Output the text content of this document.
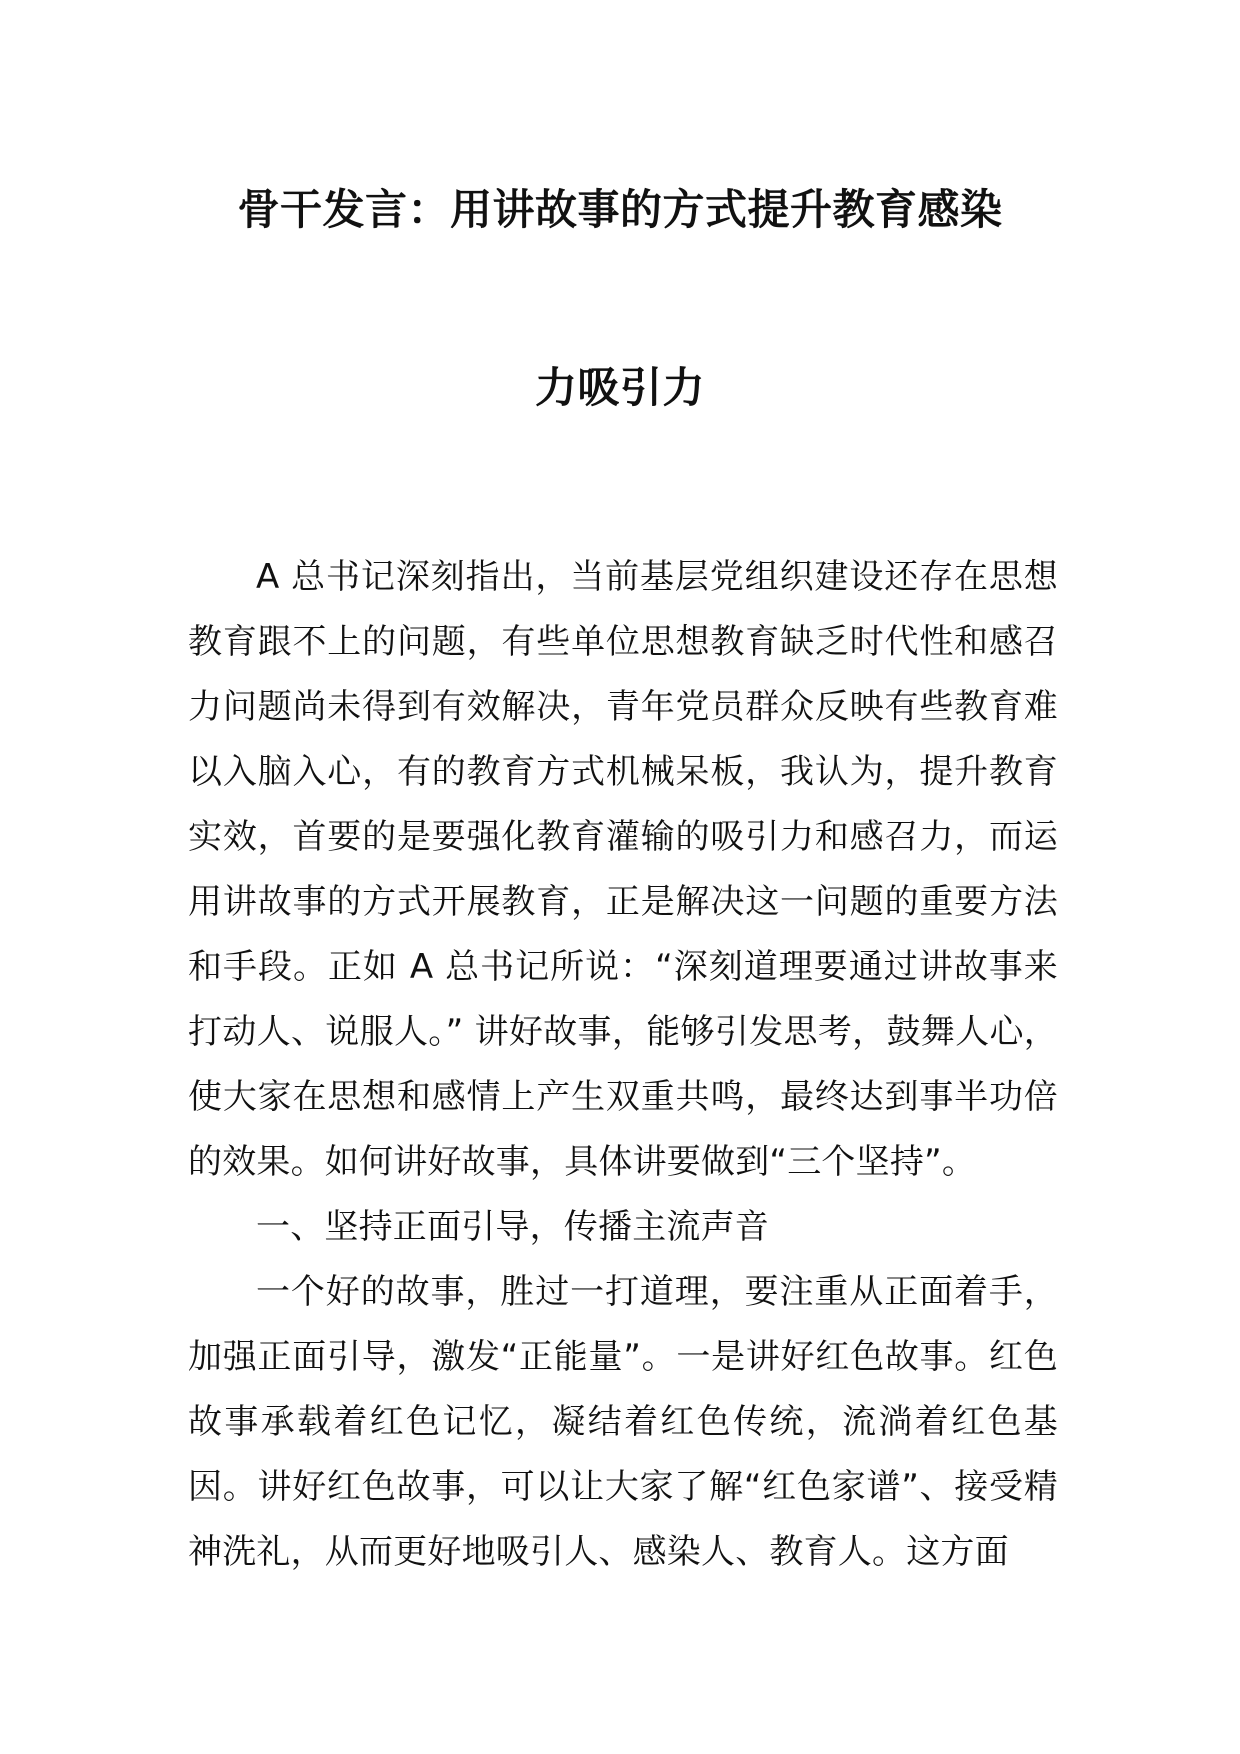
骨干发言：用讲故事的方式提升教育感染
力吸引力

A 总书记深刻指出，当前基层党组织建设还存在思想教育跟不上的问题，有些单位思想教育缺乏时代性和感召力问题尚未得到有效解决，青年党员群众反映有些教育难以入脑入心，有的教育方式机械呆板，我认为，提升教育实效，首要的是要强化教育灌输的吸引力和感召力，而运用讲故事的方式开展教育，正是解决这一问题的重要方法和手段。正如 A 总书记所说：“深刻道理要通过讲故事来打动人、说服人。” 讲好故事，能够引发思考，鼓舞人心，使大家在思想和感情上产生双重共鸣，最终达到事半功倍的效果。如何讲好故事，具体讲要做到“三个坚持”。

一、坚持正面引导，传播主流声音

一个好的故事，胜过一打道理，要注重从正面着手，加强正面引导，激发“正能量”。一是讲好红色故事。红色故事承载着红色记忆，凝结着红色传统，流淌着红色基因。讲好红色故事，可以让大家了解“红色家谱”、接受精神洗礼，从而更好地吸引人、感染人、教育人。这方面
